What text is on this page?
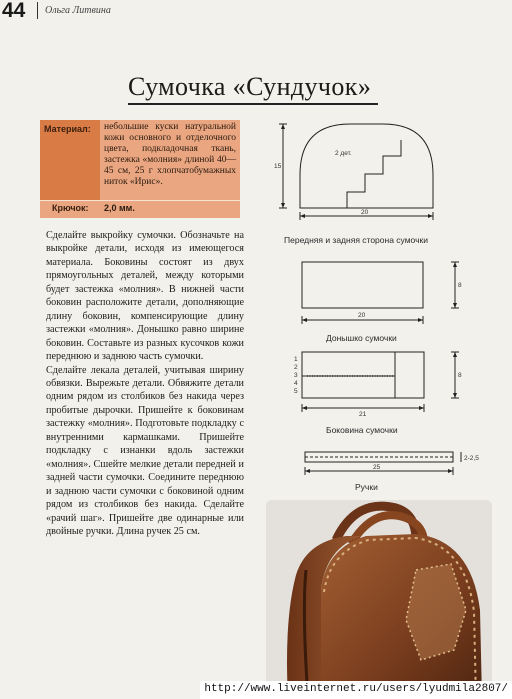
44 Ольга Литвина
Сумочка «Сундучок»
Материал: небольшие куски натуральной кожи основного и отделочного цвета, подкладочная ткань, застежка «молния» длиной 40—45 см, 25 г хлопчатобумажных ниток «Ирис».
Крючок: 2,0 мм.

Сделайте выкройку сумочки. Обозначьте на выкройке детали, исходя из имеющегося материала. Боковины состоят из двух прямоугольных деталей, между которыми будет застежка «молния». В нижней части боковин расположите детали, дополняющие длину боковин, компенсирующие длину застежки «молния». Донышко равно ширине боковин. Составьте из разных кусочков кожи переднюю и заднюю часть сумочки.

Сделайте лекала деталей, учитывая ширину обвязки. Вырежьте детали. Обвяжите детали одним рядом из столбиков без накида через пробитые дырочки. Пришейте к боковинам застежку «молния». Подготовьте подкладку с внутренними кармашками. Пришейте подкладку с изнанки вдоль застежки «молния». Сшейте мелкие детали передней и задней части сумочки. Соедините переднюю и заднюю части сумочки с боковиной одним рядом из столбиков без накида. Сделайте «рачий шаг». Пришейте две одинарные или двойные ручки. Длина ручек 25 см.

2 дет.
15
20
Передняя и задняя сторона сумочки
8
20
Донышко сумочки
1
2
3
4
5
8
21
Боковина сумочки
2-2,5
25
Ручки
http://www.liveinternet.ru/users/lyudmila2807/
